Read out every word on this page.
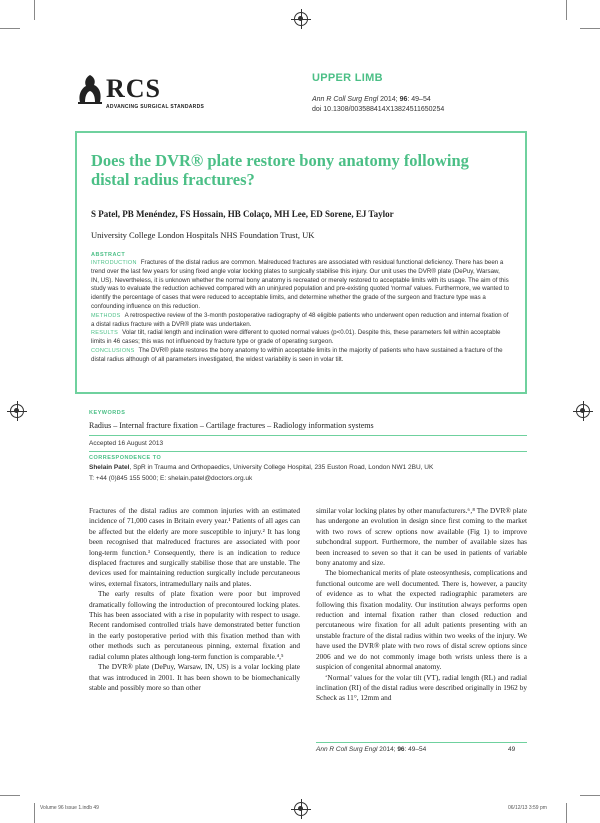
RCS
ADVANCING SURGICAL STANDARDS
UPPER LIMB
Ann R Coll Surg Engl 2014; 96: 49–54
doi 10.1308/003588414X13824511650254
Does the DVR® plate restore bony anatomy following distal radius fractures?
S Patel, PB Menéndez, FS Hossain, HB Colaço, MH Lee, ED Sorene, EJ Taylor
University College London Hospitals NHS Foundation Trust, UK
ABSTRACT
INTRODUCTION Fractures of the distal radius are common. Malreduced fractures are associated with residual functional deficiency. There has been a trend over the last few years for using fixed angle volar locking plates to surgically stabilise this injury. Our unit uses the DVR® plate (DePuy, Warsaw, IN, US). Nevertheless, it is unknown whether the normal bony anatomy is recreated or merely restored to acceptable limits with its usage. The aim of this study was to evaluate the reduction achieved compared with an uninjured population and pre-existing quoted ‘normal’ values. Furthermore, we wanted to identify the percentage of cases that were reduced to acceptable limits, and determine whether the grade of the surgeon and fracture type was a confounding influence on this reduction.
METHODS A retrospective review of the 3-month postoperative radiography of 48 eligible patients who underwent open reduction and internal fixation of a distal radius fracture with a DVR® plate was undertaken.
RESULTS Volar tilt, radial length and inclination were different to quoted normal values (p<0.01). Despite this, these parameters fell within acceptable limits in 46 cases; this was not influenced by fracture type or grade of operating surgeon.
CONCLUSIONS The DVR® plate restores the bony anatomy to within acceptable limits in the majority of patients who have sustained a fracture of the distal radius although of all parameters investigated, the widest variability is seen in volar tilt.
KEYWORDS
Radius – Internal fracture fixation – Cartilage fractures – Radiology information systems
Accepted 16 August 2013
CORRESPONDENCE TO
Shelain Patel, SpR in Trauma and Orthopaedics, University College Hospital, 235 Euston Road, London NW1 2BU, UK
T: +44 (0)845 155 5000; E: shelain.patel@doctors.org.uk

Fractures of the distal radius are common injuries with an estimated incidence of 71,000 cases in Britain every year.¹ Patients of all ages can be affected but the elderly are more susceptible to injury.² It has long been recognised that malreduced fractures are associated with poor long-term function.³ Consequently, there is an indication to reduce displaced fractures and surgically stabilise those that are unstable. The devices used for maintaining reduction surgically include percutaneous wires, external fixators, intramedullary nails and plates.

The early results of plate fixation were poor but improved dramatically following the introduction of precontoured locking plates. This has been associated with a rise in popularity with respect to usage. Recent randomised controlled trials have demonstrated better function in the early postoperative period with this fixation method than with other methods such as percutaneous pinning, external fixation and radial column plates although long-term function is comparable.⁴,⁵

The DVR® plate (DePuy, Warsaw, IN, US) is a volar locking plate that was introduced in 2001. It has been shown to be biomechanically stable and possibly more so than other

similar volar locking plates by other manufacturers.⁶‚⁸ The DVR® plate has undergone an evolution in design since first coming to the market with two rows of screw options now available (Fig 1) to improve subchondral support. Furthermore, the number of available sizes has been increased to seven so that it can be used in patients of variable bony anatomy and size.

The biomechanical merits of plate osteosynthesis, complications and functional outcome are well documented. There is, however, a paucity of evidence as to what the expected radiographic parameters are following this fixation modality. Our institution always performs open reduction and internal fixation rather than closed reduction and percutaneous wire fixation for all adult patients presenting with an unstable fracture of the distal radius within two weeks of the injury. We have used the DVR® plate with two rows of distal screw options since 2006 and we do not commonly image both wrists unless there is a suspicion of congenital abnormal anatomy.

‘Normal’ values for the volar tilt (VT), radial length (RL) and radial inclination (RI) of the distal radius were described originally in 1962 by Scheck as 11°, 12mm and

Ann R Coll Surg Engl 2014; 96: 49–54	49
Volume 96 Issue 1.indb 49	06/12/13 3:59 pm
